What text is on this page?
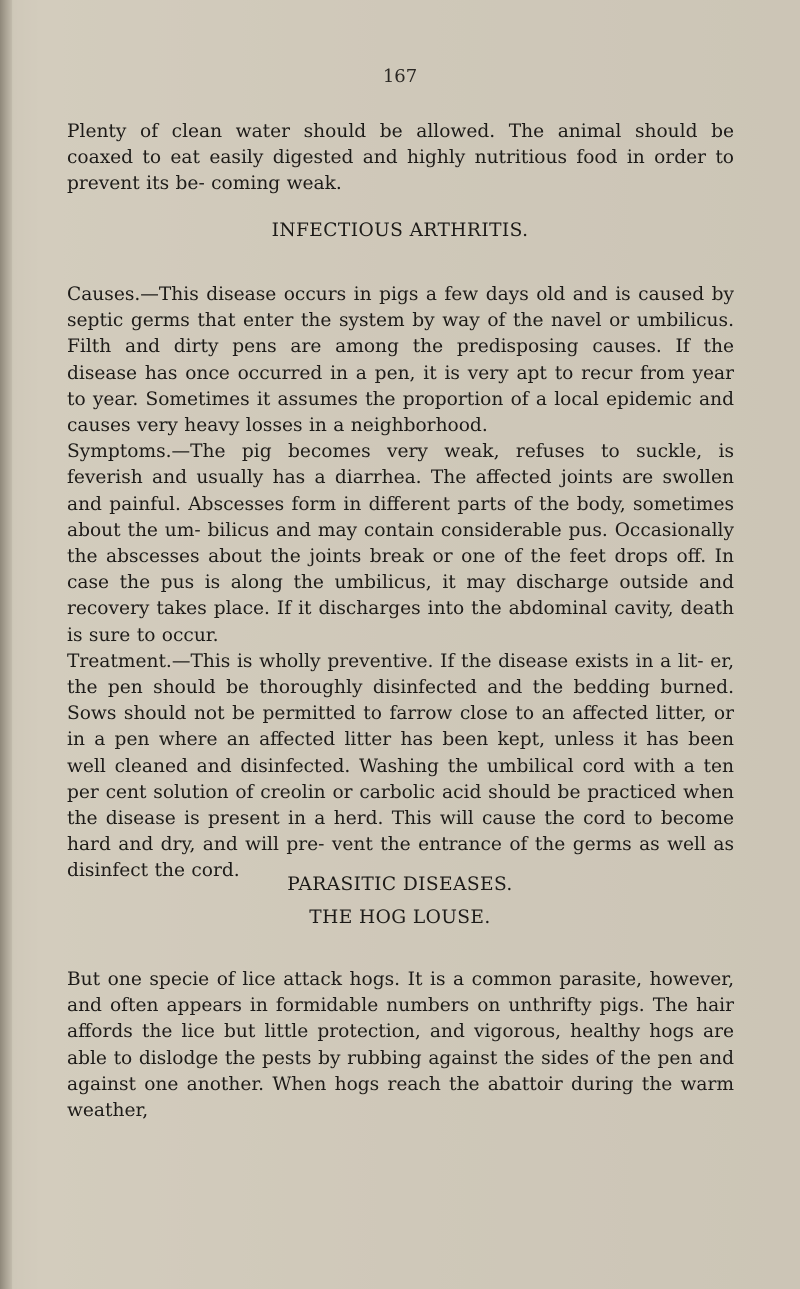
167

Plenty of clean water should be allowed. The animal should be coaxed to eat easily digested and highly nutritious food in order to prevent its be- coming weak.

INFECTIOUS ARTHRITIS.

Causes.—This disease occurs in pigs a few days old and is caused by septic germs that enter the system by way of the navel or umbilicus. Filth and dirty pens are among the predisposing causes. If the disease has once occurred in a pen, it is very apt to recur from year to year. Sometimes it assumes the proportion of a local epidemic and causes very heavy losses in a neighborhood.

Symptoms.—The pig becomes very weak, refuses to suckle, is feverish and usually has a diarrhea. The affected joints are swollen and painful. Abscesses form in different parts of the body, sometimes about the um- bilicus and may contain considerable pus. Occasionally the abscesses about the joints break or one of the feet drops off. In case the pus is along the umbilicus, it may discharge outside and recovery takes place. If it discharges into the abdominal cavity, death is sure to occur.

Treatment.—This is wholly preventive. If the disease exists in a lit- er, the pen should be thoroughly disinfected and the bedding burned. Sows should not be permitted to farrow close to an affected litter, or in a pen where an affected litter has been kept, unless it has been well cleaned and disinfected. Washing the umbilical cord with a ten per cent solution of creolin or carbolic acid should be practiced when the disease is present in a herd. This will cause the cord to become hard and dry, and will pre- vent the entrance of the germs as well as disinfect the cord.

PARASITIC DISEASES.
THE HOG LOUSE.

But one specie of lice attack hogs. It is a common parasite, however, and often appears in formidable numbers on unthrifty pigs. The hair affords the lice but little protection, and vigorous, healthy hogs are able to dislodge the pests by rubbing against the sides of the pen and against one another. When hogs reach the abattoir during the warm weather,
